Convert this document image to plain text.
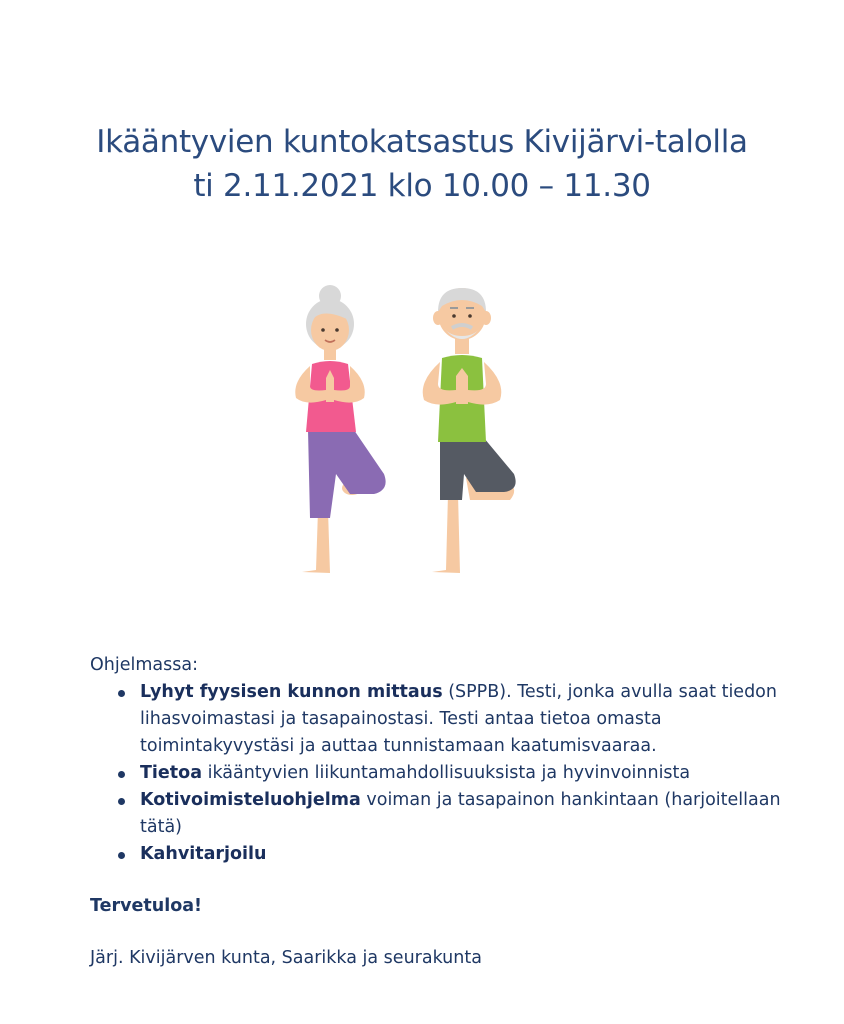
Ikääntyvien kuntokatsastus Kivijärvi-talolla
ti 2.11.2021 klo 10.00 – 11.30
Ohjelmassa:
Lyhyt fyysisen kunnon mittaus (SPPB). Testi, jonka avulla saat tiedon lihasvoimastasi ja tasapainostasi. Testi antaa tietoa omasta toimintakyvystäsi ja auttaa tunnistamaan kaatumisvaaraa.
Tietoa ikääntyvien liikuntamahdollisuuksista ja hyvinvoinnista
Kotivoimisteluohjelma voiman ja tasapainon hankintaan (harjoitellaan tätä)
Kahvitarjoilu
Tervetuloa!
Järj. Kivijärven kunta, Saarikka ja seurakunta
